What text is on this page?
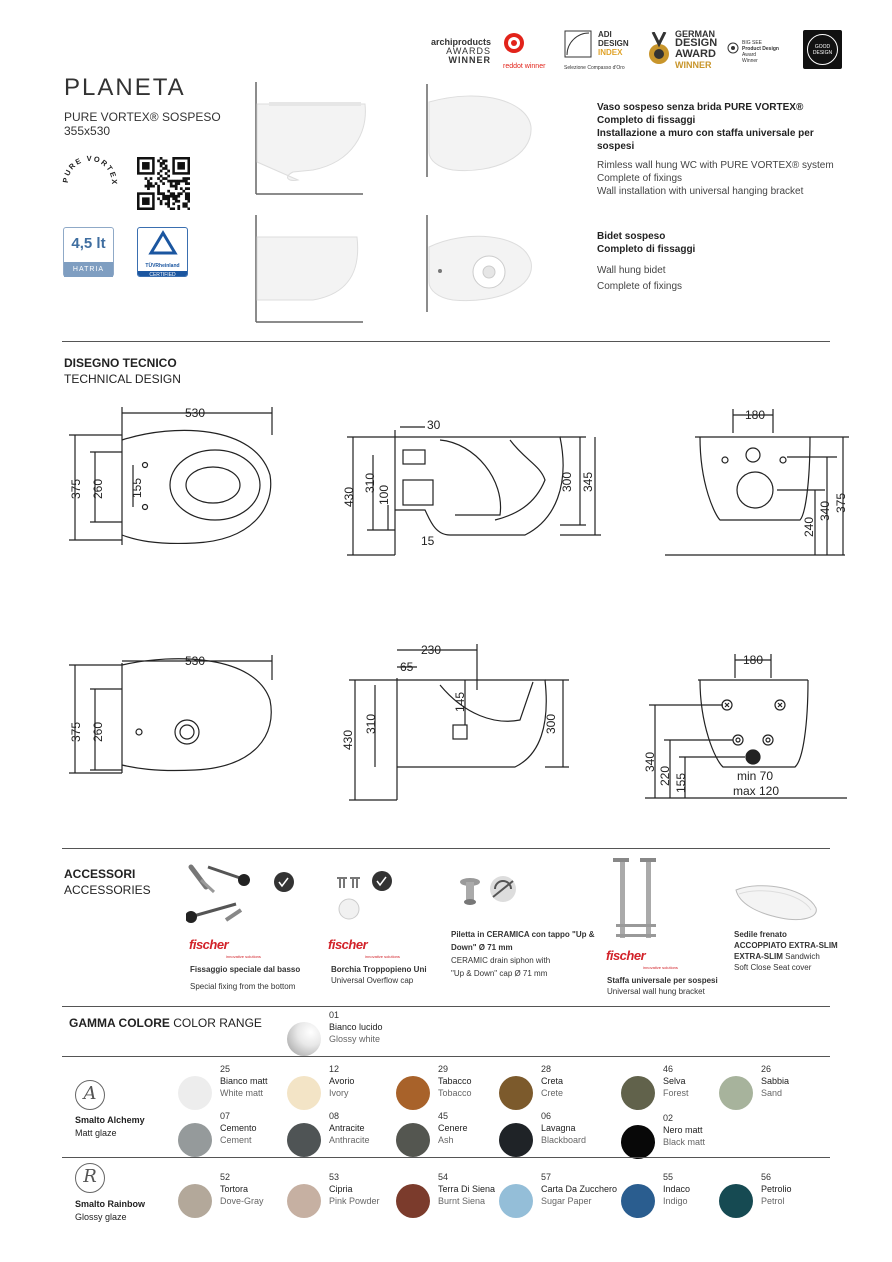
PLANETA
PURE VORTEX® SOSPESO
355x530
PURE VORTEX
4,5 lt
HATRIA	TÜVRheinland
CERTIFIED
archiproducts
AWARDS
WINNER
reddot winner
ADI
DESIGN
INDEX
Selezione Compasso d'Oro
GERMAN
DESIGN
AWARD
WINNER
BIG SEE
Product Design
Award
Winner
GOOD
DESIGN
Vaso sospeso senza brida PURE VORTEX®
Completo di fissaggi
Installazione a muro con staffa universale per
sospesi
Rimless wall hung WC with PURE VORTEX® system
Complete of fixings
Wall installation with universal hanging bracket
Bidet sospeso
Completo di fissaggi
Wall hung bidet
Complete of fixings
DISEGNO TECNICO
TECHNICAL DESIGN
530
375 260 155
30
430
310
100
300 345
15
180
240
340 375
530
375 260
230
65
145
430
310	300
180
340
220 155	min 70
max 120
ACCESSORI
ACCESSORIES
fischer
innovative solutions
Fissaggio speciale dal basso
Special fixing from the bottom
fischer
innovative solutions
Borchia Troppopieno Uni
Universal Overflow cap
Piletta in CERAMICA con tappo "Up &
Down" Ø 71 mm
CERAMIC drain siphon with
"Up & Down" cap Ø 71 mm
fischer
innovative solutions
Staffa universale per sospesi
Universal wall hung bracket
Sedile frenato
ACCOPPIATO EXTRA-SLIM
EXTRA-SLIM Sandwich
Soft Close Seat cover
GAMMA COLORE COLOR RANGE
01
Bianco lucido
Glossy white
A
Smalto Alchemy
Matt glaze
25
Bianco matt
White matt
12
Avorio
Ivory
29
Tabacco
Tobacco
28
Creta
Crete
46
Selva
Forest
26
Sabbia
Sand
07
Cemento
Cement
08
Antracite
Anthracite
45
Cenere
Ash
06
Lavagna
Blackboard
02
Nero matt
Black matt
R
Smalto Rainbow
Glossy glaze
52
Tortora
Dove-Gray
53
Cipria
Pink Powder
54
Terra Di Siena
Burnt Siena
57
Carta Da Zucchero
Sugar Paper
55
Indaco
Indigo
56
Petrolio
Petrol
